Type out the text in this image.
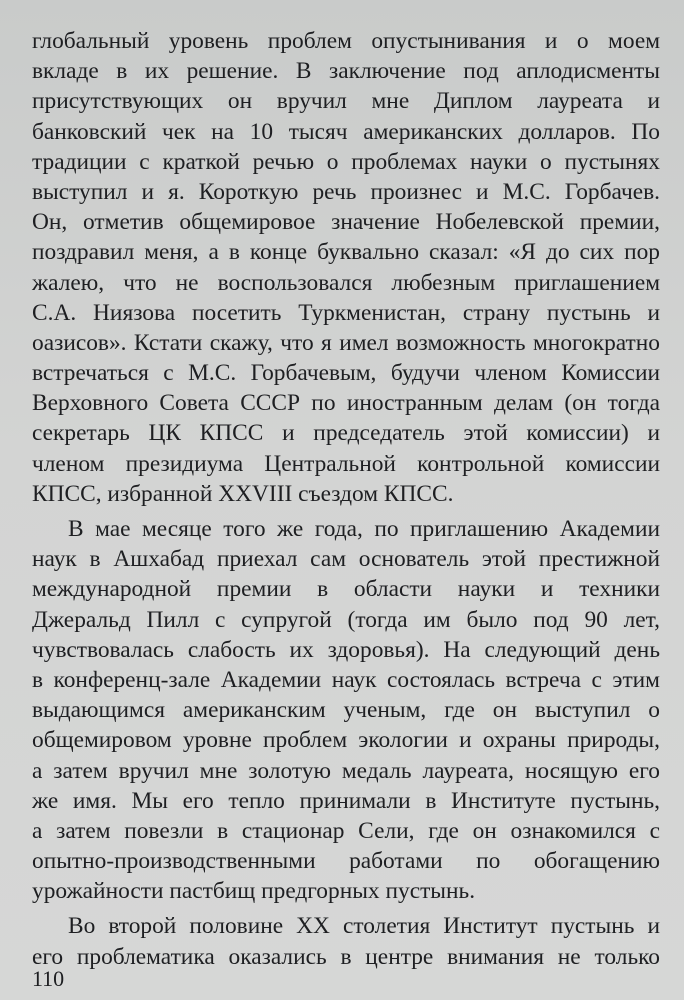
глобальный уровень проблем опустынивания и о моем
вкладе в их решение. В заключение под аплодисменты
присутствующих он вручил мне Диплом лауреата и
банковский чек на 10 тысяч американских долларов. По
традиции с краткой речью о проблемах науки о пустынях
выступил и я. Короткую речь произнес и М.С. Горбачев.
Он, отметив общемировое значение Нобелевской премии,
поздравил меня, а в конце буквально сказал: «Я до сих пор
жалею, что не воспользовался любезным приглашением
С.А. Ниязова посетить Туркменистан, страну пустынь и
оазисов». Кстати скажу, что я имел возможность многократно
встречаться с М.С. Горбачевым, будучи членом Комиссии
Верховного Совета СССР по иностранным делам (он тогда
секретарь ЦК КПСС и председатель этой комиссии) и
членом президиума Центральной контрольной комиссии
КПСС, избранной XXVIII съездом КПСС.
В мае месяце того же года, по приглашению Академии
наук в Ашхабад приехал сам основатель этой престижной
международной премии в области науки и техники
Джеральд Пилл с супругой (тогда им было под 90 лет,
чувствовалась слабость их здоровья). На следующий день
в конференц-зале Академии наук состоялась встреча с этим
выдающимся американским ученым, где он выступил о
общемировом уровне проблем экологии и охраны природы,
а затем вручил мне золотую медаль лауреата, носящую его
же имя. Мы его тепло принимали в Институте пустынь,
а затем повезли в стационар Сели, где он ознакомился с
опытно-производственными работами по обогащению
урожайности пастбищ предгорных пустынь.
Во второй половине XX столетия Институт пустынь и
его проблематика оказались в центре внимания не только
110
